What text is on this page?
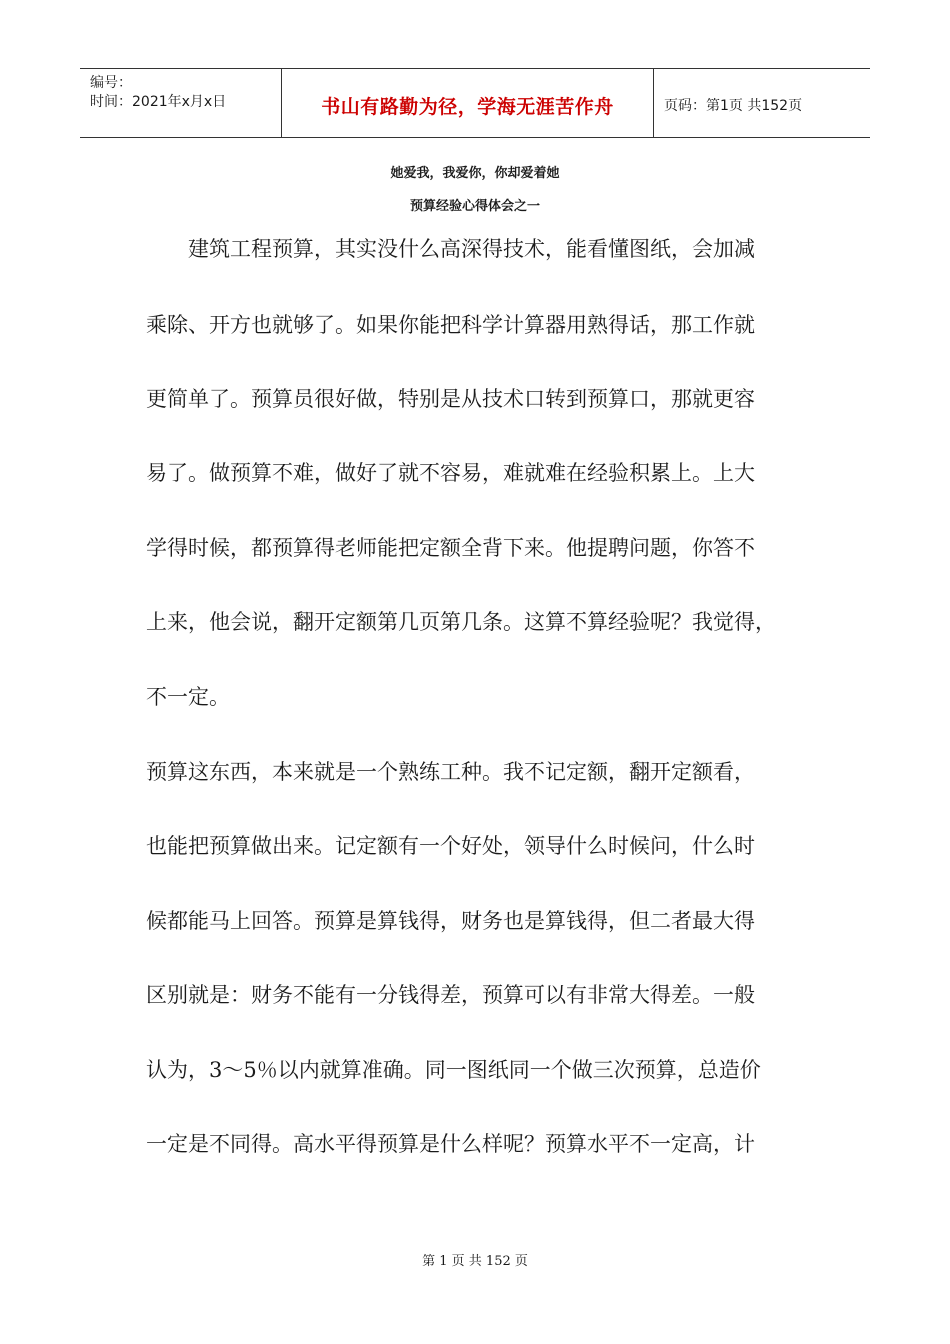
编号：
时间：2021年x月x日	书山有路勤为径，学海无涯苦作舟	页码：第1页 共152页
她爱我，我爱你，你却爱着她
预算经验心得体会之一
　　建筑工程预算，其实没什么高深得技术，能看懂图纸，会加减
乘除、开方也就够了。如果你能把科学计算器用熟得话，那工作就
更简单了。预算员很好做，特别是从技术口转到预算口，那就更容
易了。做预算不难，做好了就不容易，难就难在经验积累上。上大
学得时候，都预算得老师能把定额全背下来。他提聘问题，你答不
上来，他会说，翻开定额第几页第几条。这算不算经验呢？我觉得，
不一定。
预算这东西，本来就是一个熟练工种。我不记定额，翻开定额看，
也能把预算做出来。记定额有一个好处，领导什么时候问，什么时
候都能马上回答。预算是算钱得，财务也是算钱得，但二者最大得
区别就是：财务不能有一分钱得差，预算可以有非常大得差。一般
认为，3～5％以内就算准确。同一图纸同一个做三次预算，总造价
一定是不同得。高水平得预算是什么样呢？预算水平不一定高，计
第 1 页 共 152 页
